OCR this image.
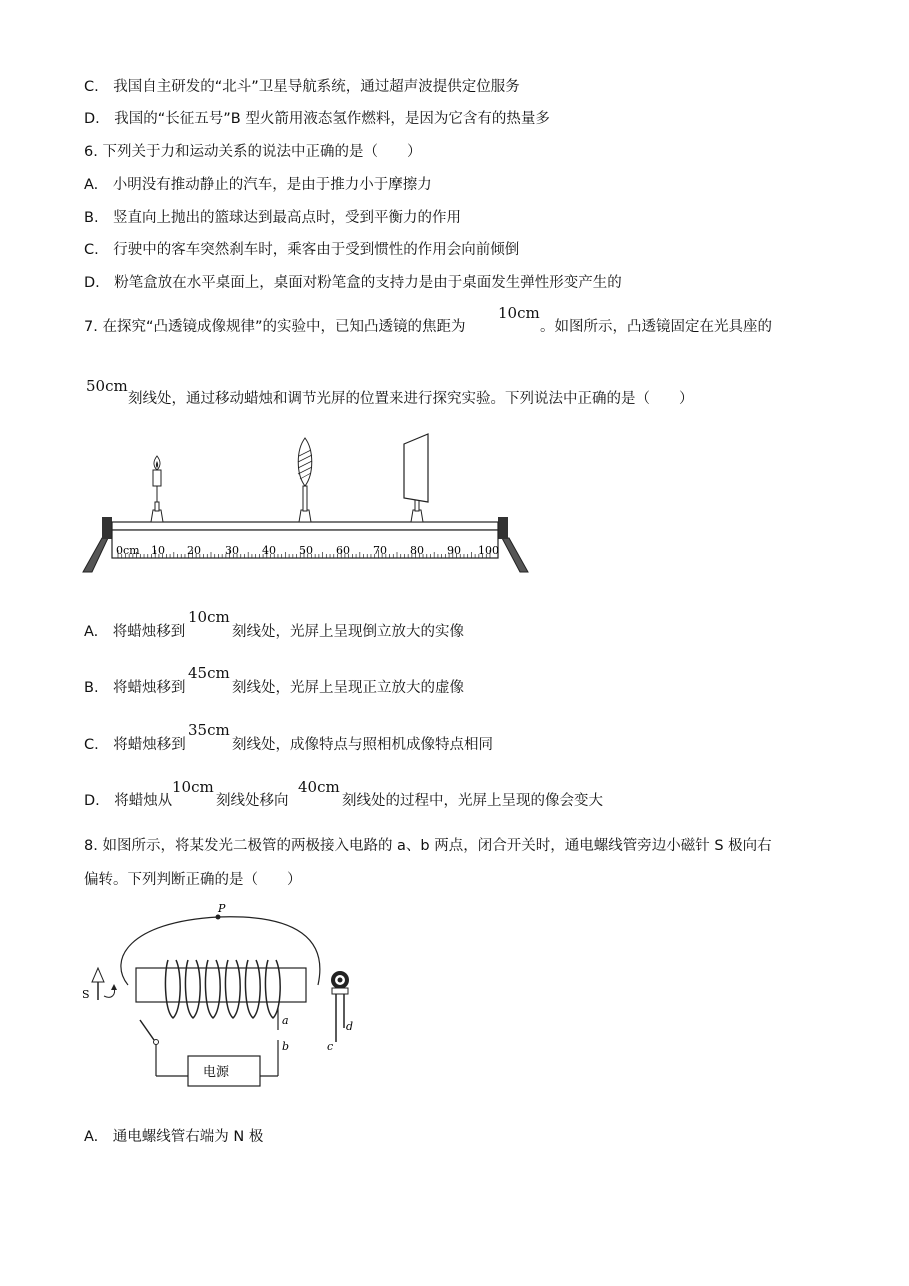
C.　我国自主研发的“北斗”卫星导航系统，通过超声波提供定位服务
D.　我国的“长征五号”B 型火箭用液态氢作燃料，是因为它含有的热量多
6. 下列关于力和运动关系的说法中正确的是（　　）
A.　小明没有推动静止的汽车，是由于推力小于摩擦力
B.　竖直向上抛出的篮球达到最高点时，受到平衡力的作用
C.　行驶中的客车突然刹车时，乘客由于受到惯性的作用会向前倾倒
D.　粉笔盒放在水平桌面上，桌面对粉笔盒的支持力是由于桌面发生弹性形变产生的
7. 在探究“凸透镜成像规律”的实验中，已知凸透镜的焦距为
10cm
。如图所示，凸透镜固定在光具座的
50cm
刻线处，通过移动蜡烛和调节光屏的位置来进行探究实验。下列说法中正确的是（　　）
0cm 10 20 30 40 50 60 70 80 90 100
A.　将蜡烛移到
10cm
刻线处，光屏上呈现倒立放大的实像
B.　将蜡烛移到
45cm
刻线处，光屏上呈现正立放大的虚像
C.　将蜡烛移到
35cm
刻线处，成像特点与照相机成像特点相同
D.　将蜡烛从
10cm
刻线处移向
40cm
刻线处的过程中，光屏上呈现的像会变大
8. 如图所示，将某发光二极管的两极接入电路的 a、b 两点，闭合开关时，通电螺线管旁边小磁针 S 极向右
偏转。下列判断正确的是（　　）
P
S
a
b
电源
d
c
A.　通电螺线管右端为 N 极
